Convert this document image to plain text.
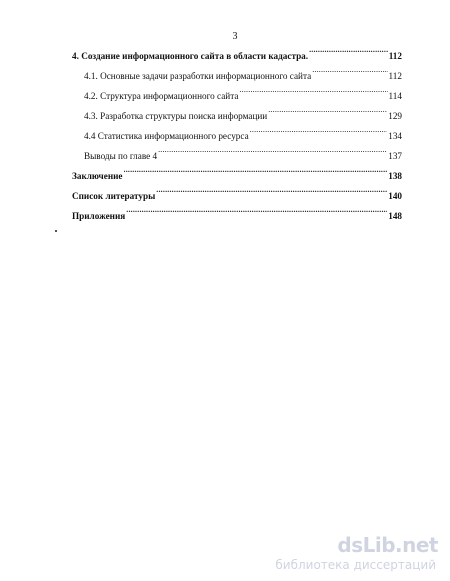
3
4. Создание информационного сайта в области кадастра. .....	112
4.1. Основные задачи разработки информационного сайта .....	112
4.2. Структура информационного сайта .....	114
4.3. Разработка структуры поиска информации .....	129
4.4 Статистика информационного ресурса .....	134
Выводы по главе 4 .....	137
Заключение .....	138
Список литературы .....	140
Приложения .....	148
dsLib.net
библиотека диссертаций
